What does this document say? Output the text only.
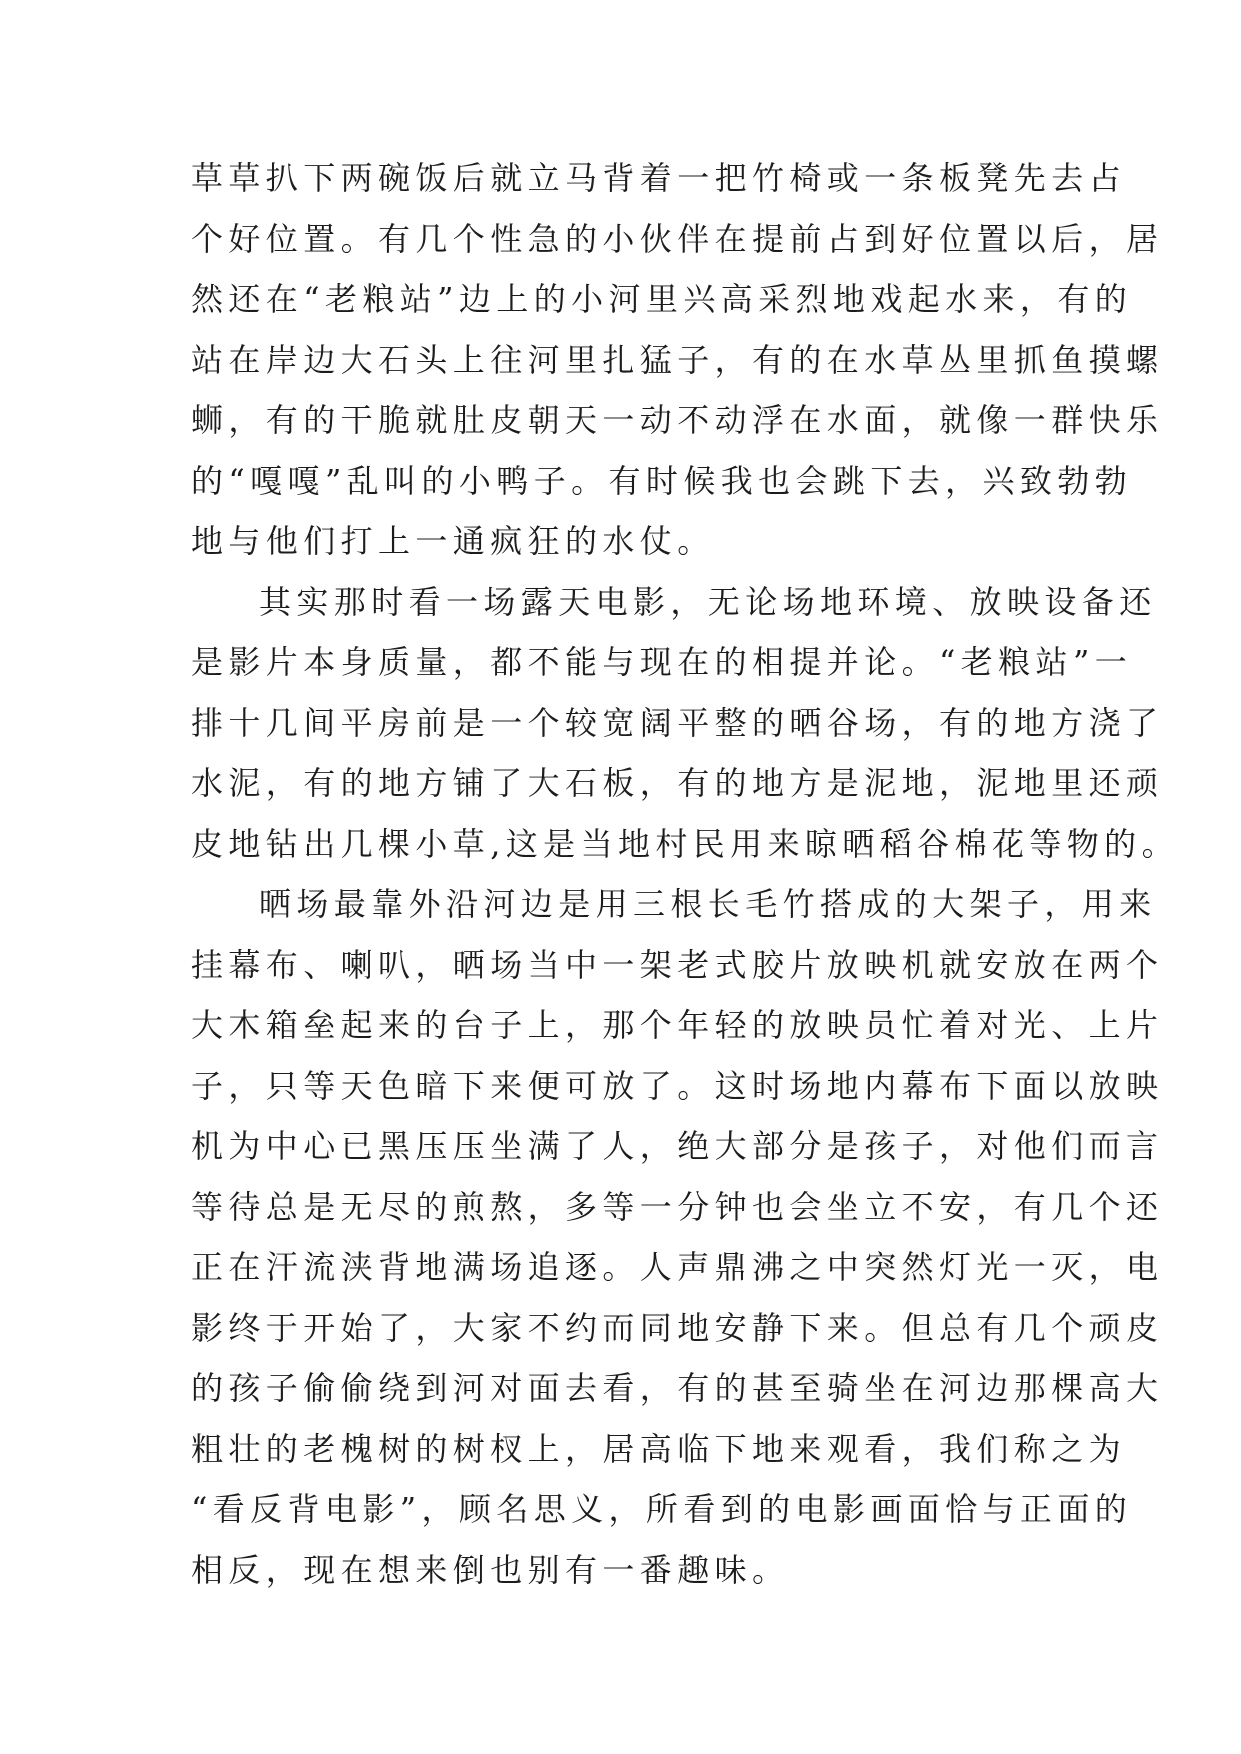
草草扒下两碗饭后就立马背着一把竹椅或一条板凳先去占
个好位置。有几个性急的小伙伴在提前占到好位置以后，居
然还在“老粮站”边上的小河里兴高采烈地戏起水来，有的
站在岸边大石头上往河里扎猛子，有的在水草丛里抓鱼摸螺
蛳，有的干脆就肚皮朝天一动不动浮在水面，就像一群快乐
的“嘎嘎”乱叫的小鸭子。有时候我也会跳下去，兴致勃勃
地与他们打上一通疯狂的水仗。
其实那时看一场露天电影，无论场地环境、放映设备还
是影片本身质量，都不能与现在的相提并论。“老粮站”一
排十几间平房前是一个较宽阔平整的晒谷场，有的地方浇了
水泥，有的地方铺了大石板，有的地方是泥地，泥地里还顽
皮地钻出几棵小草,这是当地村民用来晾晒稻谷棉花等物的。
晒场最靠外沿河边是用三根长毛竹搭成的大架子，用来
挂幕布、喇叭，晒场当中一架老式胶片放映机就安放在两个
大木箱垒起来的台子上，那个年轻的放映员忙着对光、上片
子，只等天色暗下来便可放了。这时场地内幕布下面以放映
机为中心已黑压压坐满了人，绝大部分是孩子，对他们而言
等待总是无尽的煎熬，多等一分钟也会坐立不安，有几个还
正在汗流浃背地满场追逐。人声鼎沸之中突然灯光一灭，电
影终于开始了，大家不约而同地安静下来。但总有几个顽皮
的孩子偷偷绕到河对面去看，有的甚至骑坐在河边那棵高大
粗壮的老槐树的树杈上，居高临下地来观看，我们称之为
“看反背电影”，顾名思义，所看到的电影画面恰与正面的
相反，现在想来倒也别有一番趣味。
